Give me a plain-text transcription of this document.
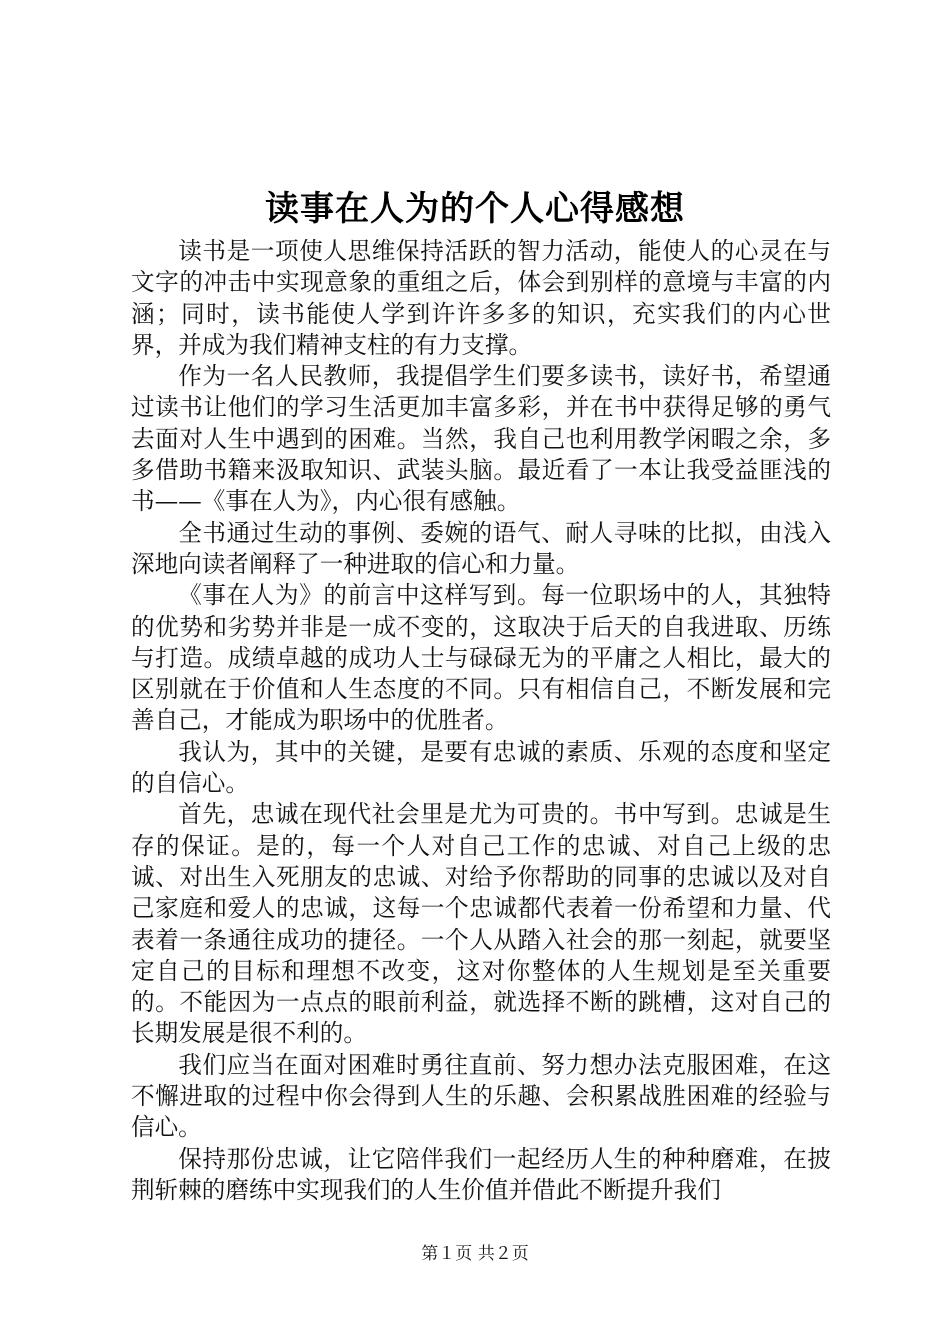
读事在人为的个人心得感想

读书是一项使人思维保持活跃的智力活动，能使人的心灵在与文字的冲击中实现意象的重组之后，体会到别样的意境与丰富的内涵；同时，读书能使人学到许许多多的知识，充实我们的内心世界，并成为我们精神支柱的有力支撑。

作为一名人民教师，我提倡学生们要多读书，读好书，希望通过读书让他们的学习生活更加丰富多彩，并在书中获得足够的勇气去面对人生中遇到的困难。当然，我自己也利用教学闲暇之余，多多借助书籍来汲取知识、武装头脑。最近看了一本让我受益匪浅的书——《事在人为》，内心很有感触。

全书通过生动的事例、委婉的语气、耐人寻味的比拟，由浅入深地向读者阐释了一种进取的信心和力量。

《事在人为》的前言中这样写到。每一位职场中的人，其独特的优势和劣势并非是一成不变的，这取决于后天的自我进取、历练与打造。成绩卓越的成功人士与碌碌无为的平庸之人相比，最大的区别就在于价值和人生态度的不同。只有相信自己，不断发展和完善自己，才能成为职场中的优胜者。

我认为，其中的关键，是要有忠诚的素质、乐观的态度和坚定的自信心。

首先，忠诚在现代社会里是尤为可贵的。书中写到。忠诚是生存的保证。是的，每一个人对自己工作的忠诚、对自己上级的忠诚、对出生入死朋友的忠诚、对给予你帮助的同事的忠诚以及对自己家庭和爱人的忠诚，这每一个忠诚都代表着一份希望和力量、代表着一条通往成功的捷径。一个人从踏入社会的那一刻起，就要坚定自己的目标和理想不改变，这对你整体的人生规划是至关重要的。不能因为一点点的眼前利益，就选择不断的跳槽，这对自己的长期发展是很不利的。

我们应当在面对困难时勇往直前、努力想办法克服困难，在这不懈进取的过程中你会得到人生的乐趣、会积累战胜困难的经验与信心。

保持那份忠诚，让它陪伴我们一起经历人生的种种磨难，在披荆斩棘的磨练中实现我们的人生价值并借此不断提升我们

第１页 共２页
